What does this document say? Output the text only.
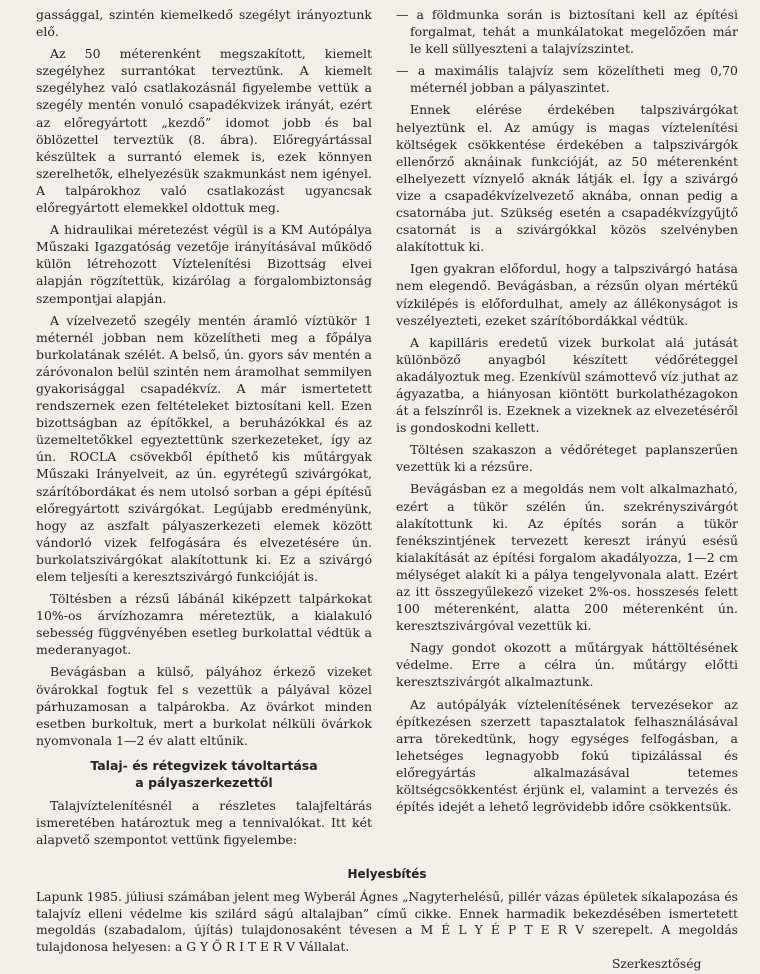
gassággal, szintén kiemelkedő szegélyt irányoztunk elő.

Az 50 méterenként megszakított, kiemelt szegélyhez surrantókat terveztünk. A kiemelt szegélyhez való csatlakozásnál figyelembe vettük a szegély mentén vonuló csapadékvizek irányát, ezért az előregyártott „kezdő” idomot jobb és bal öblözettel terveztük (8. ábra). Előregyártással készültek a surrantó elemek is, ezek könnyen szerelhetők, elhelyezésük szakmunkást nem igényel. A talpárokhoz való csatlakozást ugyancsak előregyártott elemekkel oldottuk meg.

A hidraulikai méretezést végül is a KM Autópálya Műszaki Igazgatóság vezetője irányításával működő külön létrehozott Víztelenítési Bizottság elvei alapján rögzítettük, kizárólag a forgalombiztonság szempontjai alapján.

A vízelvezető szegély mentén áramló víztükör 1 méternél jobban nem közelítheti meg a főpálya burkolatának szélét. A belső, ún. gyors sáv mentén a záróvonalon belül szintén nem áramolhat semmilyen gyakorisággal csapadékvíz. A már ismertetett rendszernek ezen feltételeket biztosítani kell. Ezen bizottságban az építőkkel, a beruházókkal és az üzemeltetőkkel egyeztettünk szerkezeteket, így az ún. ROCLA csövekből építhető kis műtárgyak Műszaki Irányelveit, az ún. egyrétegű szivárgókat, szárítóbordákat és nem utolsó sorban a gépi építésű előregyártott szivárgókat. Legújabb eredményünk, hogy az aszfalt pályaszerkezeti elemek között vándorló vizek felfogására és elvezetésére ún. burkolatszivárgókat alakítottunk ki. Ez a szivárgó elem teljesíti a keresztszivárgó funkcióját is.

Töltésben a rézsű lábánál kiképzett talpárkokat 10%-os árvízhozamra méreteztük, a kialakuló sebesség függvényében esetleg burkolattal védtük a mederanyagot.

Bevágásban a külső, pályához érkező vizeket övárokkal fogtuk fel s vezettük a pályával közel párhuzamosan a talpárokba. Az övárkot minden esetben burkoltuk, mert a burkolat nélküli övárkok nyomvonala 1—2 év alatt eltűnik.

Talaj- és rétegvizek távoltartása
a pályaszerkezettől

Talajvíztelenítésnél a részletes talajfeltárás ismeretében határoztuk meg a tennivalókat. Itt két alapvető szempontot vettünk figyelembe:

— a földmunka során is biztosítani kell az építési forgalmat, tehát a munkálatokat megelőzően már le kell süllyeszteni a talajvízszintet.

— a maximális talajvíz sem közelítheti meg 0,70 méternél jobban a pályaszintet.

Ennek elérése érdekében talpszivárgókat helyeztünk el. Az amúgy is magas víztelenítési költségek csökkentése érdekében a talpszivárgók ellenőrző aknáinak funkcióját, az 50 méterenként elhelyezett víznyelő aknák látják el. Így a szivárgó vize a csapadékvízelvezető aknába, onnan pedig a csatornába jut. Szükség esetén a csapadékvízgyűjtő csatornát is a szivárgókkal közös szelvényben alakítottuk ki.

Igen gyakran előfordul, hogy a talpszivárgó hatása nem elegendő. Bevágásban, a rézsűn olyan mértékű vízkilépés is előfordulhat, amely az állékonyságot is veszélyezteti, ezeket szárítóbordákkal védtük.

A kapilláris eredetű vizek burkolat alá jutását különböző anyagból készített védőréteggel akadályoztuk meg. Ezenkívül számottevő víz juthat az ágyazatba, a hiányosan kiöntött burkolathézagokon át a felszínről is. Ezeknek a vizeknek az elvezetéséről is gondoskodni kellett.

Töltésen szakaszon a védőréteget paplanszerűen vezettük ki a rézsűre.

Bevágásban ez a megoldás nem volt alkalmazható, ezért a tükör szélén ún. szekrényszivárgót alakítottunk ki. Az építés során a tükör fenékszintjének tervezett kereszt irányú esésű kialakítását az építési forgalom akadályozza, 1—2 cm mélységet alakít ki a pálya tengelyvonala alatt. Ezért az itt összegyűlekező vizeket 2%-os. hosszesés felett 100 méterenként, alatta 200 méterenként ún. keresztszivárgóval vezettük ki.

Nagy gondot okozott a műtárgyak háttöltésének védelme. Erre a célra ún. műtárgy előtti keresztszivárgót alkalmaztunk.

Az autópályák víztelenítésének tervezésekor az építkezésen szerzett tapasztalatok felhasználásával arra törekedtünk, hogy egységes felfogásban, a lehetséges legnagyobb fokú tipizálással és előregyártás alkalmazásával tetemes költségcsökkentést érjünk el, valamint a tervezés és építés idejét a lehető legrövidebb időre csökkentsük.

Helyesbítés

Lapunk 1985. júliusi számában jelent meg Wyberál Ágnes „Nagyterhelésű, pillér vázas épületek síkalapozása és talajvíz elleni védelme kis szilárd ságú altalajban” című cikke. Ennek harmadik bekezdésében ismertetett megoldás (szabadalom, újítás) tulajdonosaként tévesen a M É L Y É P T E R V szerepelt. A megoldás tulajdonosa helyesen: a G Y Ő R I T E R V Vállalat.

Szerkesztőség
